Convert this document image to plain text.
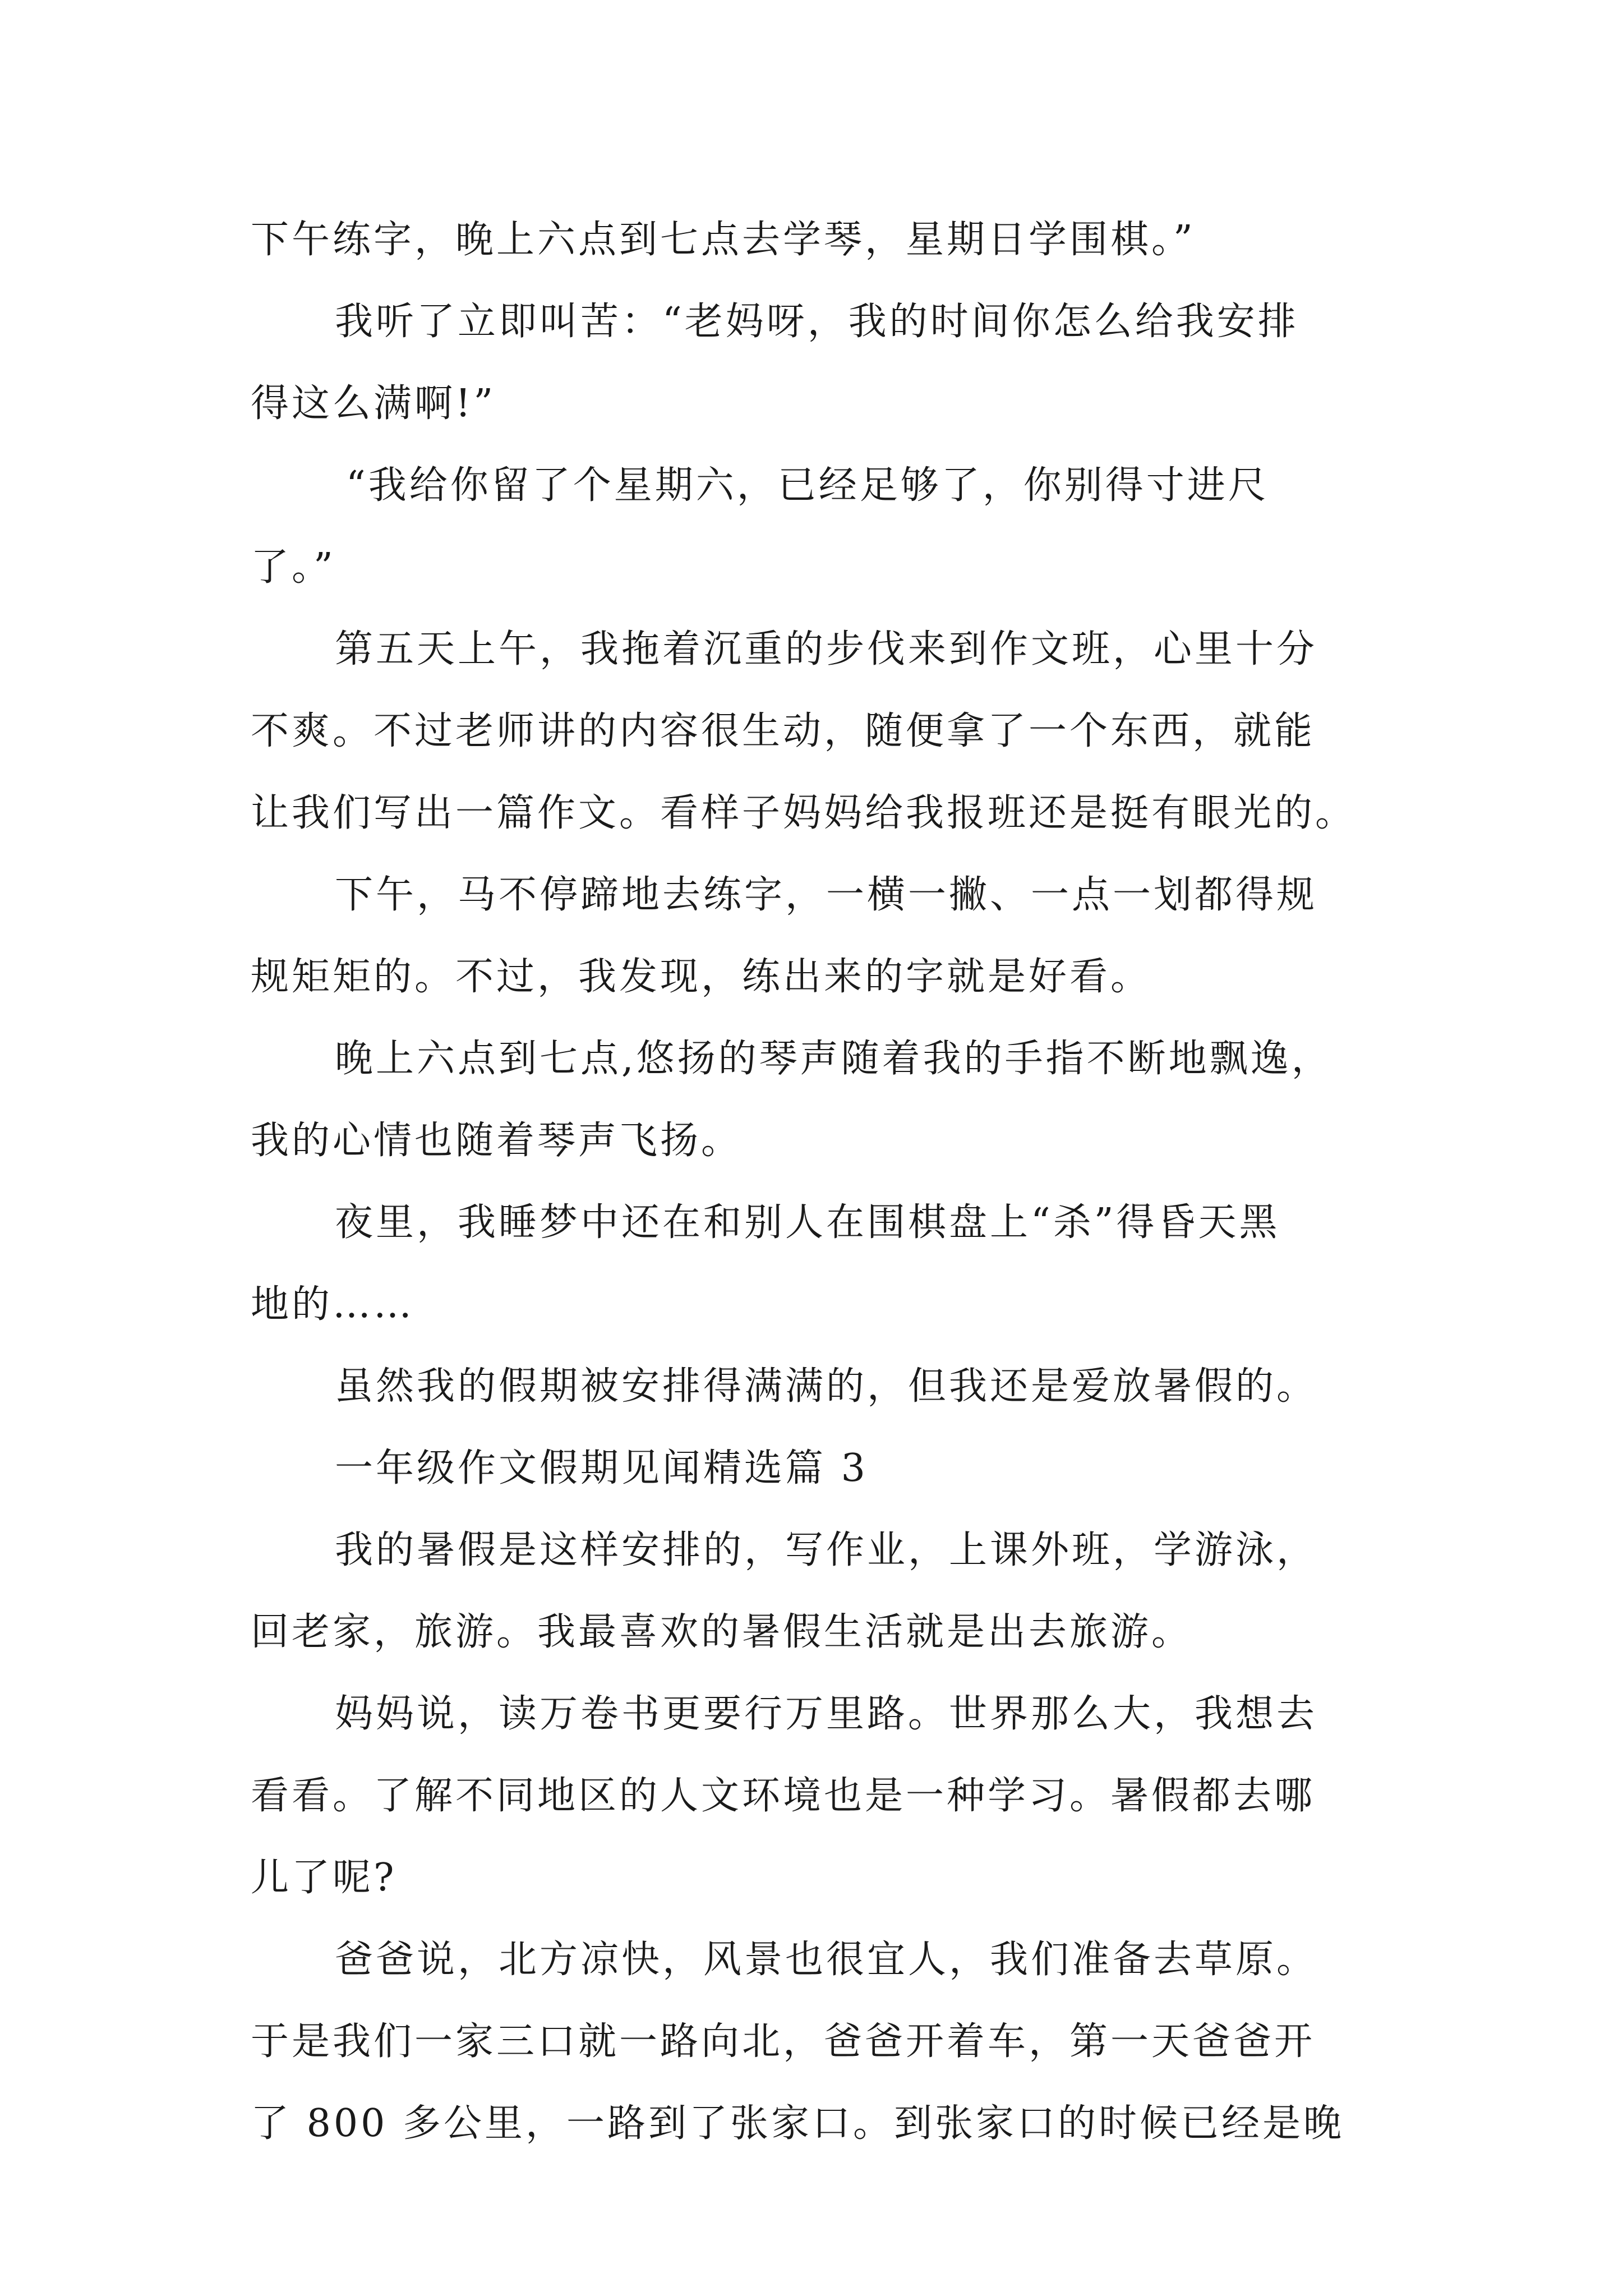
下午练字，晚上六点到七点去学琴，星期日学围棋。”
我听了立即叫苦：“老妈呀，我的时间你怎么给我安排
得这么满啊!”
“我给你留了个星期六，已经足够了，你别得寸进尺
了。”
第五天上午，我拖着沉重的步伐来到作文班，心里十分
不爽。不过老师讲的内容很生动，随便拿了一个东西，就能
让我们写出一篇作文。看样子妈妈给我报班还是挺有眼光的。
下午，马不停蹄地去练字，一横一撇、一点一划都得规
规矩矩的。不过，我发现，练出来的字就是好看。
晚上六点到七点,悠扬的琴声随着我的手指不断地飘逸，
我的心情也随着琴声飞扬。
夜里，我睡梦中还在和别人在围棋盘上“杀”得昏天黑
地的……
虽然我的假期被安排得满满的，但我还是爱放暑假的。
一年级作文假期见闻精选篇 3
我的暑假是这样安排的，写作业，上课外班，学游泳，
回老家，旅游。我最喜欢的暑假生活就是出去旅游。
妈妈说，读万卷书更要行万里路。世界那么大，我想去
看看。了解不同地区的人文环境也是一种学习。暑假都去哪
儿了呢?
爸爸说，北方凉快，风景也很宜人，我们准备去草原。
于是我们一家三口就一路向北，爸爸开着车，第一天爸爸开
了 800 多公里，一路到了张家口。到张家口的时候已经是晚
